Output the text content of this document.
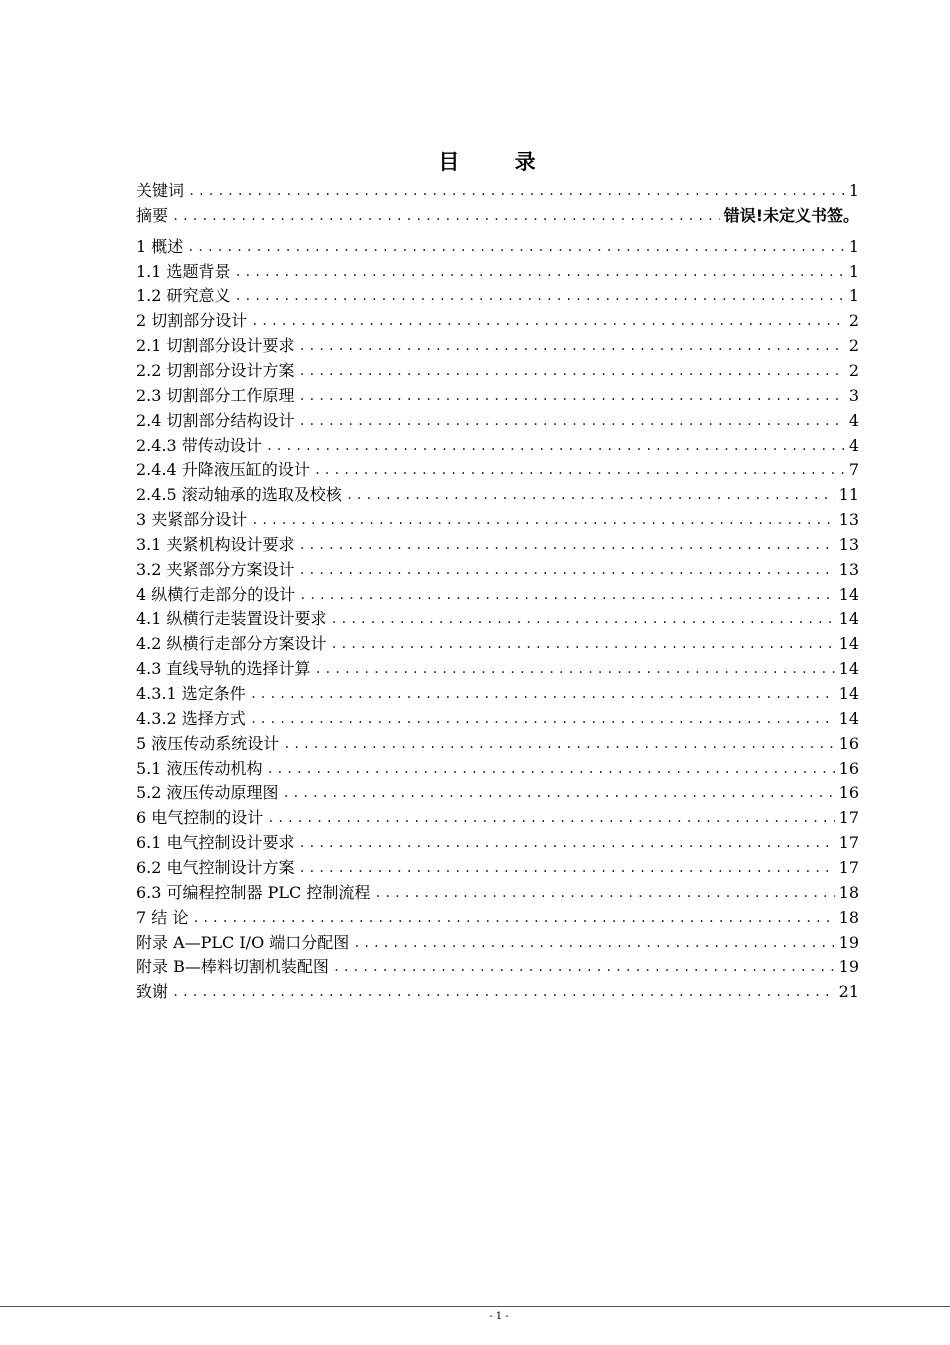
目 录
关键词 .....	1
摘要 .....	错误!未定义书签。
1 概述 .....	1
1.1 选题背景 .....	1
1.2 研究意义 .....	1
2 切割部分设计 .....	2
2.1 切割部分设计要求 .....	2
2.2 切割部分设计方案 .....	2
2.3 切割部分工作原理 .....	3
2.4 切割部分结构设计 .....	4
2.4.3 带传动设计 .....	4
2.4.4 升降液压缸的设计 .....	7
2.4.5 滚动轴承的选取及校核 .....	11
3 夹紧部分设计 .....	13
3.1 夹紧机构设计要求 .....	13
3.2 夹紧部分方案设计 .....	13
4 纵横行走部分的设计 .....	14
4.1 纵横行走装置设计要求 .....	14
4.2 纵横行走部分方案设计 .....	14
4.3 直线导轨的选择计算 .....	14
4.3.1 选定条件 .....	14
4.3.2 选择方式 .....	14
5 液压传动系统设计 .....	16
5.1 液压传动机构 .....	16
5.2 液压传动原理图 .....	16
6 电气控制的设计 .....	17
6.1 电气控制设计要求 .....	17
6.2 电气控制设计方案 .....	17
6.3 可编程控制器 PLC 控制流程 .....	18
7 结 论 .....	18
附录 A—PLC I/O 端口分配图 .....	19
附录 B—棒料切割机装配图 .....	19
致谢 .....	21
- 1 -
